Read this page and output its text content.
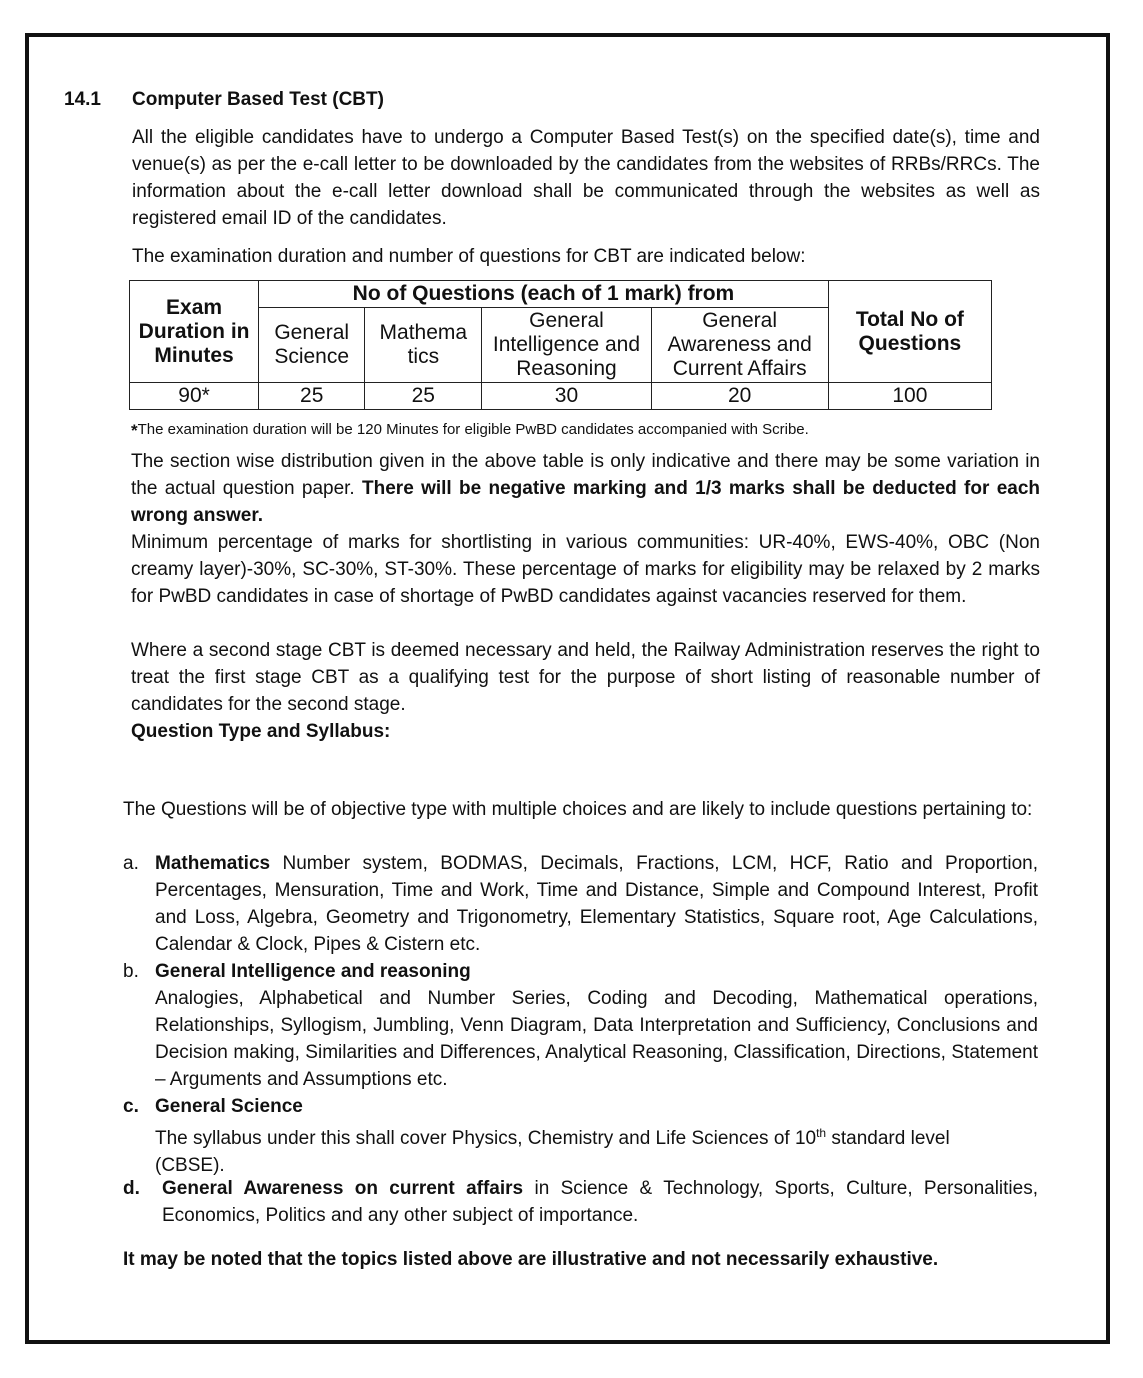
14.1 Computer Based Test (CBT)

All the eligible candidates have to undergo a Computer Based Test(s) on the specified date(s), time and venue(s) as per the e-call letter to be downloaded by the candidates from the websites of RRBs/RRCs. The information about the e-call letter download shall be communicated through the websites as well as registered email ID of the candidates.

The examination duration and number of questions for CBT are indicated below:

Exam Duration in Minutes	No of Questions (each of 1 mark) from				Total No of Questions
	General Science	Mathema tics	General Intelligence and Reasoning	General Awareness and Current Affairs	
90*	25	25	30	20	100
*The examination duration will be 120 Minutes for eligible PwBD candidates accompanied with Scribe.

The section wise distribution given in the above table is only indicative and there may be some variation in the actual question paper. There will be negative marking and 1/3 marks shall be deducted for each wrong answer.

Minimum percentage of marks for shortlisting in various communities: UR-40%, EWS-40%, OBC (Non creamy layer)-30%, SC-30%, ST-30%. These percentage of marks for eligibility may be relaxed by 2 marks for PwBD candidates in case of shortage of PwBD candidates against vacancies reserved for them.

Where a second stage CBT is deemed necessary and held, the Railway Administration reserves the right to treat the first stage CBT as a qualifying test for the purpose of short listing of reasonable number of candidates for the second stage.

Question Type and Syllabus:

The Questions will be of objective type with multiple choices and are likely to include questions pertaining to:

a. Mathematics Number system, BODMAS, Decimals, Fractions, LCM, HCF, Ratio and Proportion, Percentages, Mensuration, Time and Work, Time and Distance, Simple and Compound Interest, Profit and Loss, Algebra, Geometry and Trigonometry, Elementary Statistics, Square root, Age Calculations, Calendar & Clock, Pipes & Cistern etc.

b. General Intelligence and reasoning

Analogies, Alphabetical and Number Series, Coding and Decoding, Mathematical operations, Relationships, Syllogism, Jumbling, Venn Diagram, Data Interpretation and Sufficiency, Conclusions and Decision making, Similarities and Differences, Analytical Reasoning, Classification, Directions, Statement – Arguments and Assumptions etc.

c. General Science

The syllabus under this shall cover Physics, Chemistry and Life Sciences of 10th standard level (CBSE).

d. General Awareness on current affairs in Science & Technology, Sports, Culture, Personalities, Economics, Politics and any other subject of importance.

It may be noted that the topics listed above are illustrative and not necessarily exhaustive.
